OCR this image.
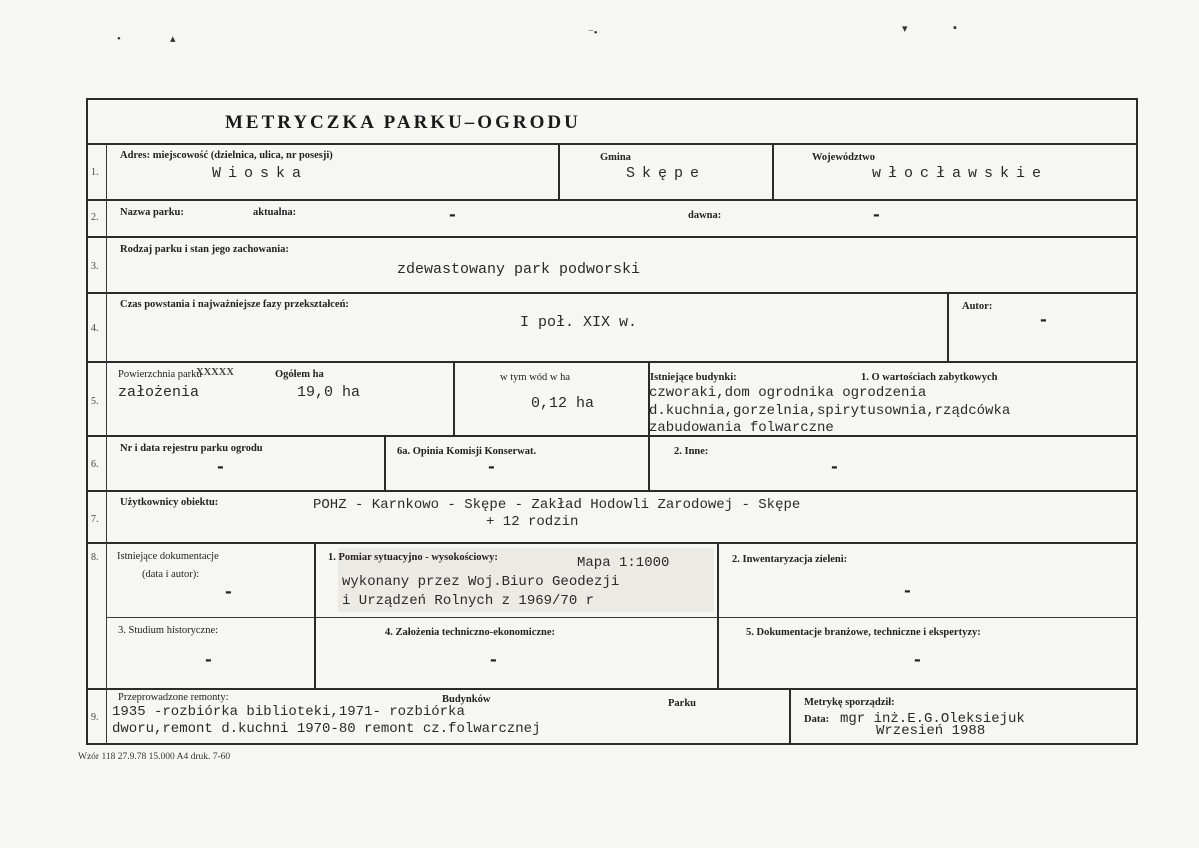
•	▴	⁻•	▾	▪
METRYCZKA PARKU–OGRODU
1.
Adres: miejscowość (dzielnica, ulica, nr posesji)
Wioska
Gmina
Skępe
Województwo
włocławskie
2. Nazwa parku:	aktualna:	-	dawna:	-
3.
Rodzaj parku i stan jego zachowania:
zdewastowany park podworski
4.
Czas powstania i najważniejsze fazy przekształceń:
I poł. XIX w.
Autor:
-
5.
Powierzchnia parku
XXXXX	Ogółem ha
założenia	19,0 ha
w tym wód w ha
0,12 ha
Istniejące budynki:	1. O wartościach zabytkowych
czworaki,dom ogrodnika ogrodzenia
d.kuchnia,gorzelnia,spirytusownia,rządcówka
zabudowania folwarczne
6.
Nr i data rejestru parku ogrodu
-
6a. Opinia Komisji Konserwat.
-
2. Inne:
-
7.
Użytkownicy obiektu:	POHZ - Karnkowo - Skępe - Zakład Hodowli Zarodowej - Skępe
+ 12 rodzin
8. Istniejące dokumentacje
(data i autor):
-
1. Pomiar sytuacyjno - wysokościowy:	Mapa 1:1000
wykonany przez Woj.Biuro Geodezji
i Urządzeń Rolnych z 1969/70 r
2. Inwentaryzacja zieleni:
-
3. Studium historyczne:
-
4. Założenia techniczno-ekonomiczne:
-
5. Dokumentacje branżowe, techniczne i ekspertyzy:
-
9.
Przeprowadzone remonty:	Budynków	Parku
1935 -rozbiórka biblioteki,1971- rozbiórka
dworu,remont d.kuchni 1970-80 remont cz.folwarcznej
Metrykę sporządził:
Data: mgr inż.E.G.Oleksiejuk
Wrzesień 1988
Wzór 118 27.9.78 15.000 A4 druk. 7-60
